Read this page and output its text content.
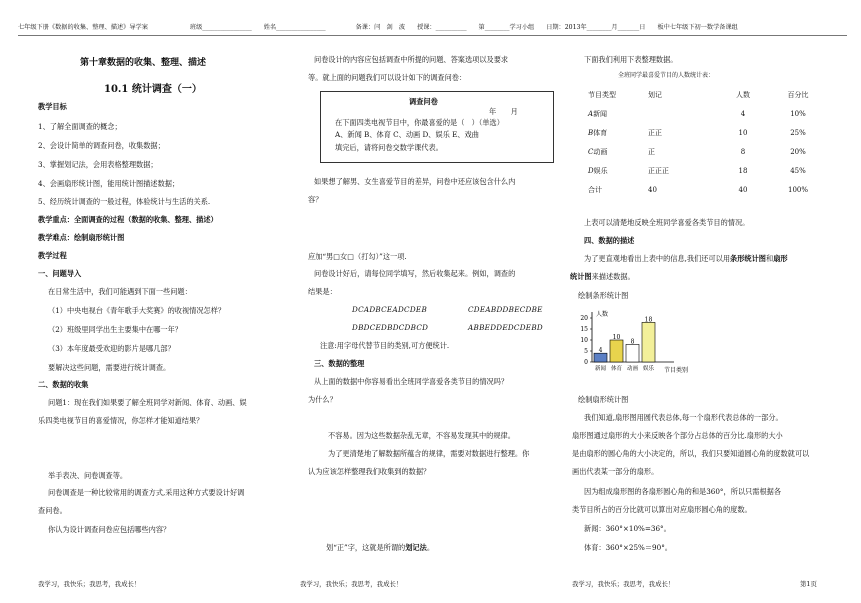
七年级下册《数据的收集、整理、描述》导学案	班级________________ 姓名________________	备课：闫　剑　波 授课：__________ 第________学习小组 日期：2013年________月_______日 板中七年级下初一数学备课组

第十章数据的收集、整理、描述

10.1 统计调查（一）

教学目标

1、了解全面调查的概念；

2、会设计简单的调查问卷，收集数据；

3、掌握划记法，会用表格整理数据；

4、会画扇形统计图，能用统计图描述数据；

5、经历统计调查的一般过程，体验统计与生活的关系.

教学重点：全面调查的过程（数据的收集、整理、描述）

教学难点：绘制扇形统计图

教学过程

一、问题导入

在日常生活中，我们可能遇到下面一些问题：

（1）中央电视台《青年歌手大奖赛》的收视情况怎样？

（2）班级里同学出生主要集中在哪一年？

（3）本年度最受欢迎的影片是哪几部？

要解决这些问题，需要进行统计调查。

二、数据的收集

问题1：现在我们如果要了解全班同学对新闻、体育、动画、娱

乐四类电视节目的喜爱情况，你怎样才能知道结果？

举手表决、问卷调查等。

问卷调查是一种比较常用的调查方式,采用这种方式要设计好调

查问卷。

你认为设计调查问卷应包括哪些内容？

问卷设计的内容应包括调查中所提的问题、答案选项以及要求

等。就上面的问题我们可以设计如下的调查问卷：

调查问卷

年　　月

在下面四类电视节目中，你最喜爱的是（　）（单选）

A、新闻 B、体育 C、动画 D、娱乐 E、戏曲

填完后，请将问卷交数学课代表。

如果想了解男、女生喜爱节目的差异，问卷中还应该包含什么内

容？

应加“男□女□（打勾）”这一项.

问卷设计好后，请每位同学填写，然后收集起来。例如，调查的

结果是：

DCADBCEADCDEB	CDEABDDBECDBE

DBDCEDBDCDBCD	ABBEDDEDCDEBD

注意:用字母代替节目的类别,可方便统计.

三、数据的整理

从上面的数据中你容易看出全班同学喜爱各类节目的情况吗？

为什么？

不容易。因为这些数据杂乱无章，不容易发现其中的规律。

为了更清楚地了解数据所蕴含的规律，需要对数据进行整理。你

认为应该怎样整理我们收集到的数据？

划“正”字，这就是所谓的划记法。

下面我们利用下表整理数据。

全班同学最喜爱节目的人数统计表：

节目类型	划记	人数	百分比
A新闻		4	10%
B体育	正正	10	25%
C动画	正	8	20%
D娱乐	正正正	18	45%
合计	40	40	100%

上表可以清楚地反映全班同学喜爱各类节目的情况。

四、数据的描述

为了更直观地看出上表中的信息,我们还可以用条形统计图和扇形

统计图来描述数据。

绘制条形统计图

0
5
10
15
20
人数
节目类别
4
新闻
10
体育
8
动画
18
娱乐

绘制扇形统计图

我们知道,扇形图用圆代表总体,每一个扇形代表总体的一部分。

扇形图通过扇形的大小来反映各个部分占总体的百分比.扇形的大小

是由扇形的圆心角的大小决定的，所以，我们只要知道圆心角的度数就可以

画出代表某一部分的扇形。

因为组成扇形图的各扇形圆心角的和是360°，所以只需根据各

类节目所占的百分比就可以算出对应扇形圆心角的度数。

新闻：360°×10%=36°。

体育：360°×25%＝90°。

我学习，我快乐；我思考，我成长！	我学习，我快乐；我思考，我成长！	我学习，我快乐；我思考，我成长！	第1页
